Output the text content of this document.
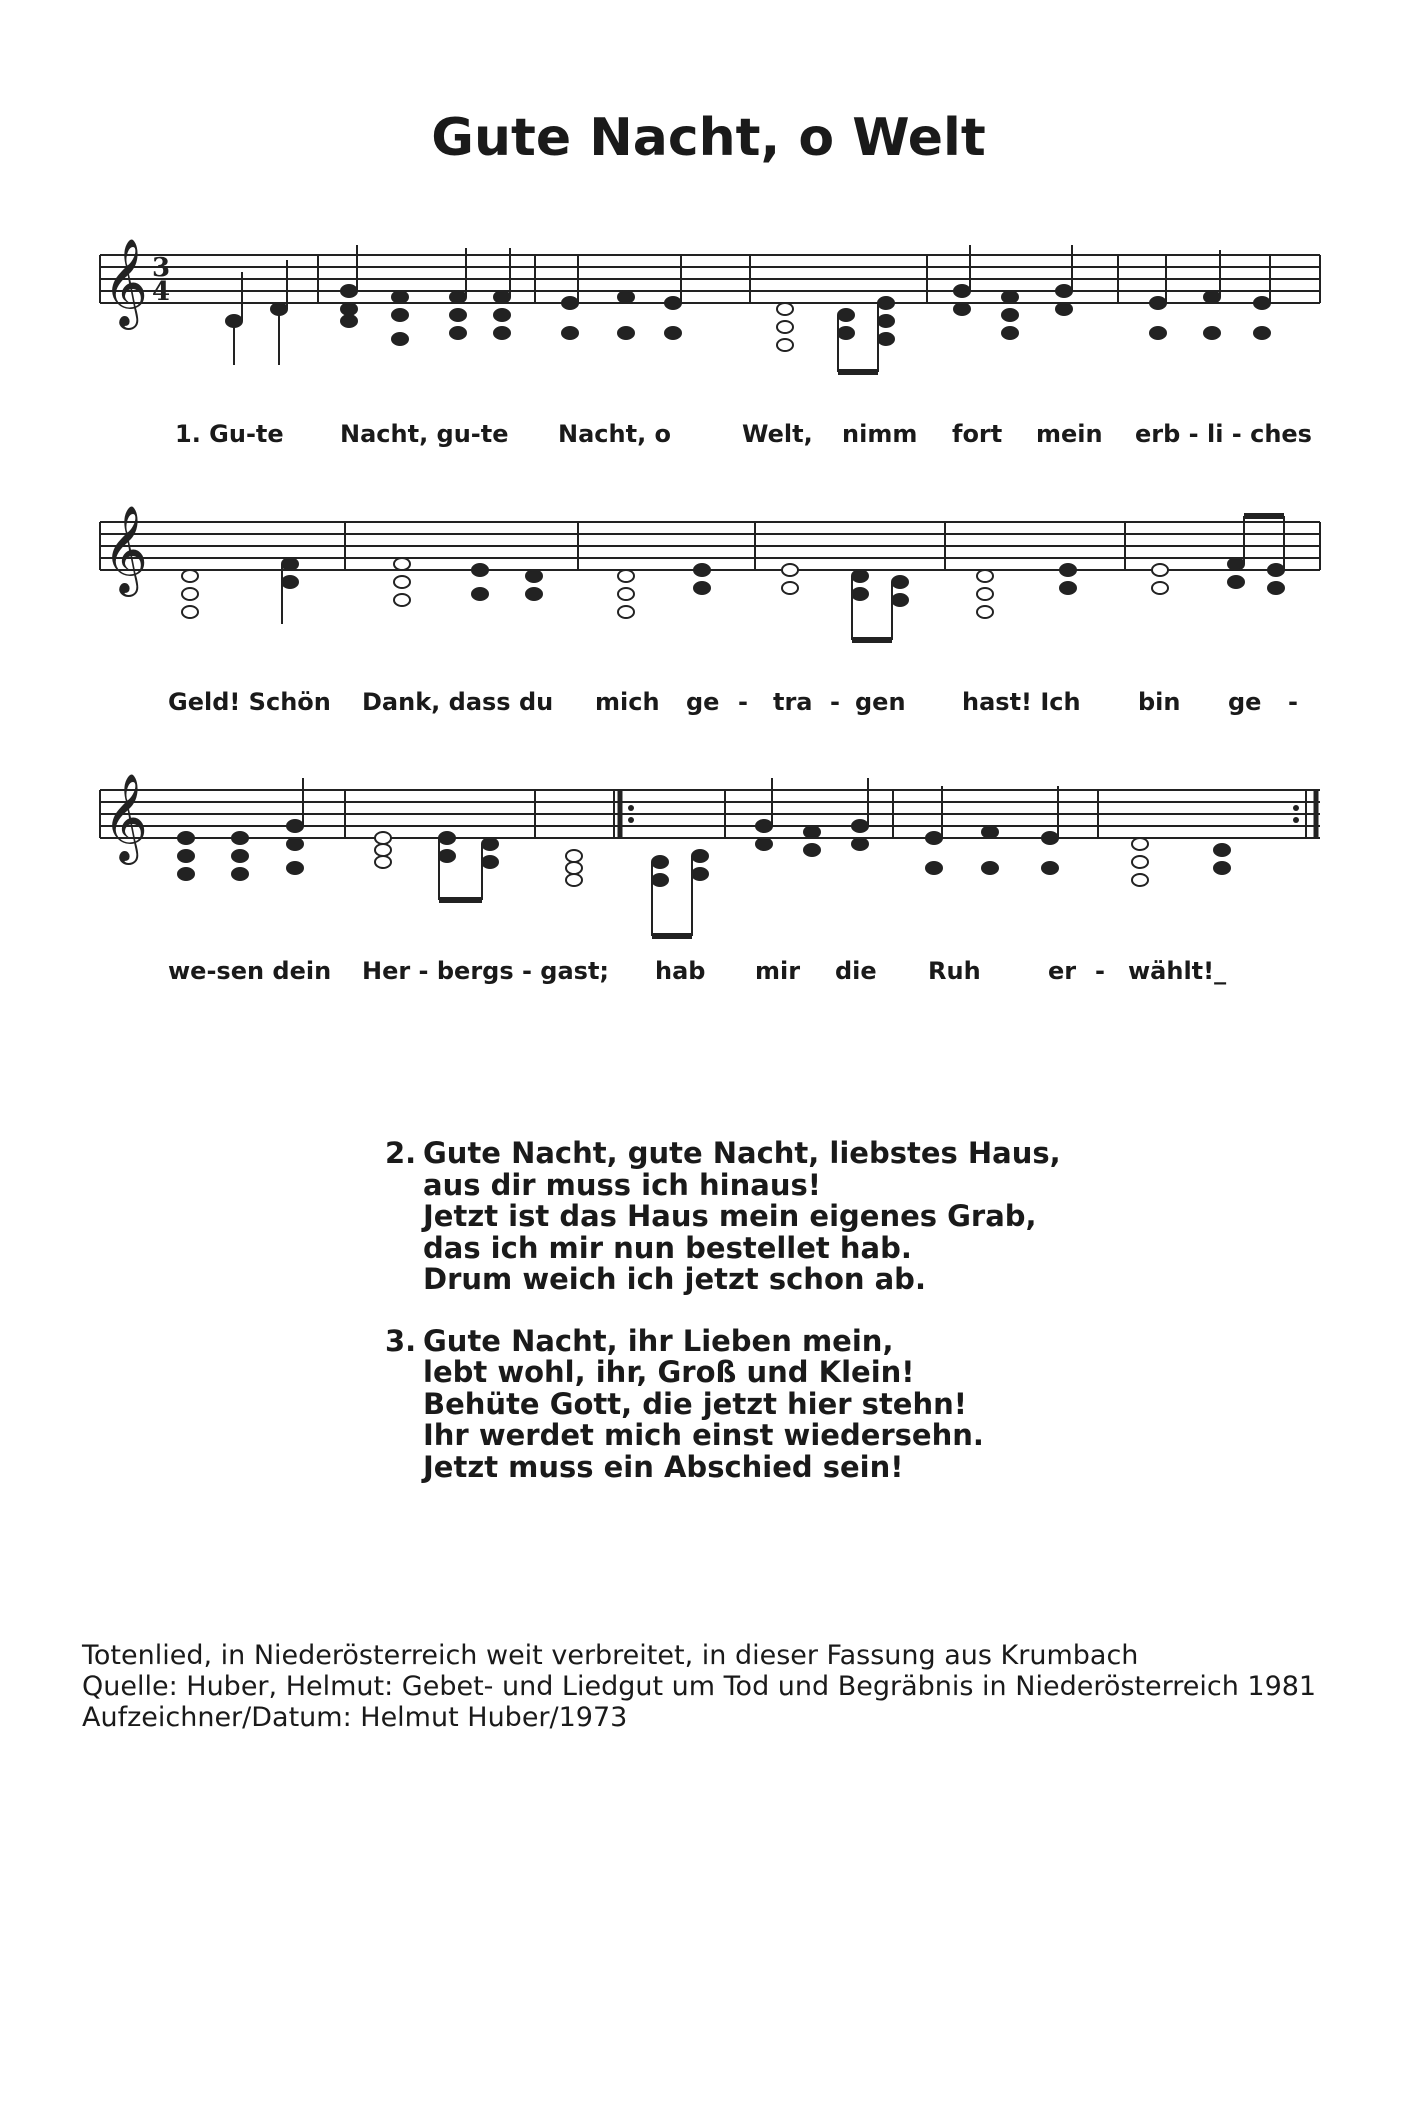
Gute Nacht, o Welt
𝄞 3
4
𝄞
𝄞
1. Gu-te Nacht, gu-te Nacht, o	Welt, nimm fort mein erb - li - ches
Geld! Schön Dank, dass du mich ge - tra - gen hast! Ich bin ge -
we-sen dein Her - bergs - gast; hab mir die Ruh	er - wählt!_
2. Gute Nacht, gute Nacht, liebstes Haus,
aus dir muss ich hinaus!
Jetzt ist das Haus mein eigenes Grab,
das ich mir nun bestellet hab.
Drum weich ich jetzt schon ab.
3. Gute Nacht, ihr Lieben mein,
lebt wohl, ihr, Groß und Klein!
Behüte Gott, die jetzt hier stehn!
Ihr werdet mich einst wiedersehn.
Jetzt muss ein Abschied sein!
Totenlied, in Niederösterreich weit verbreitet, in dieser Fassung aus Krumbach
Quelle: Huber, Helmut: Gebet- und Liedgut um Tod und Begräbnis in Niederösterreich 1981
Aufzeichner/Datum: Helmut Huber/1973
